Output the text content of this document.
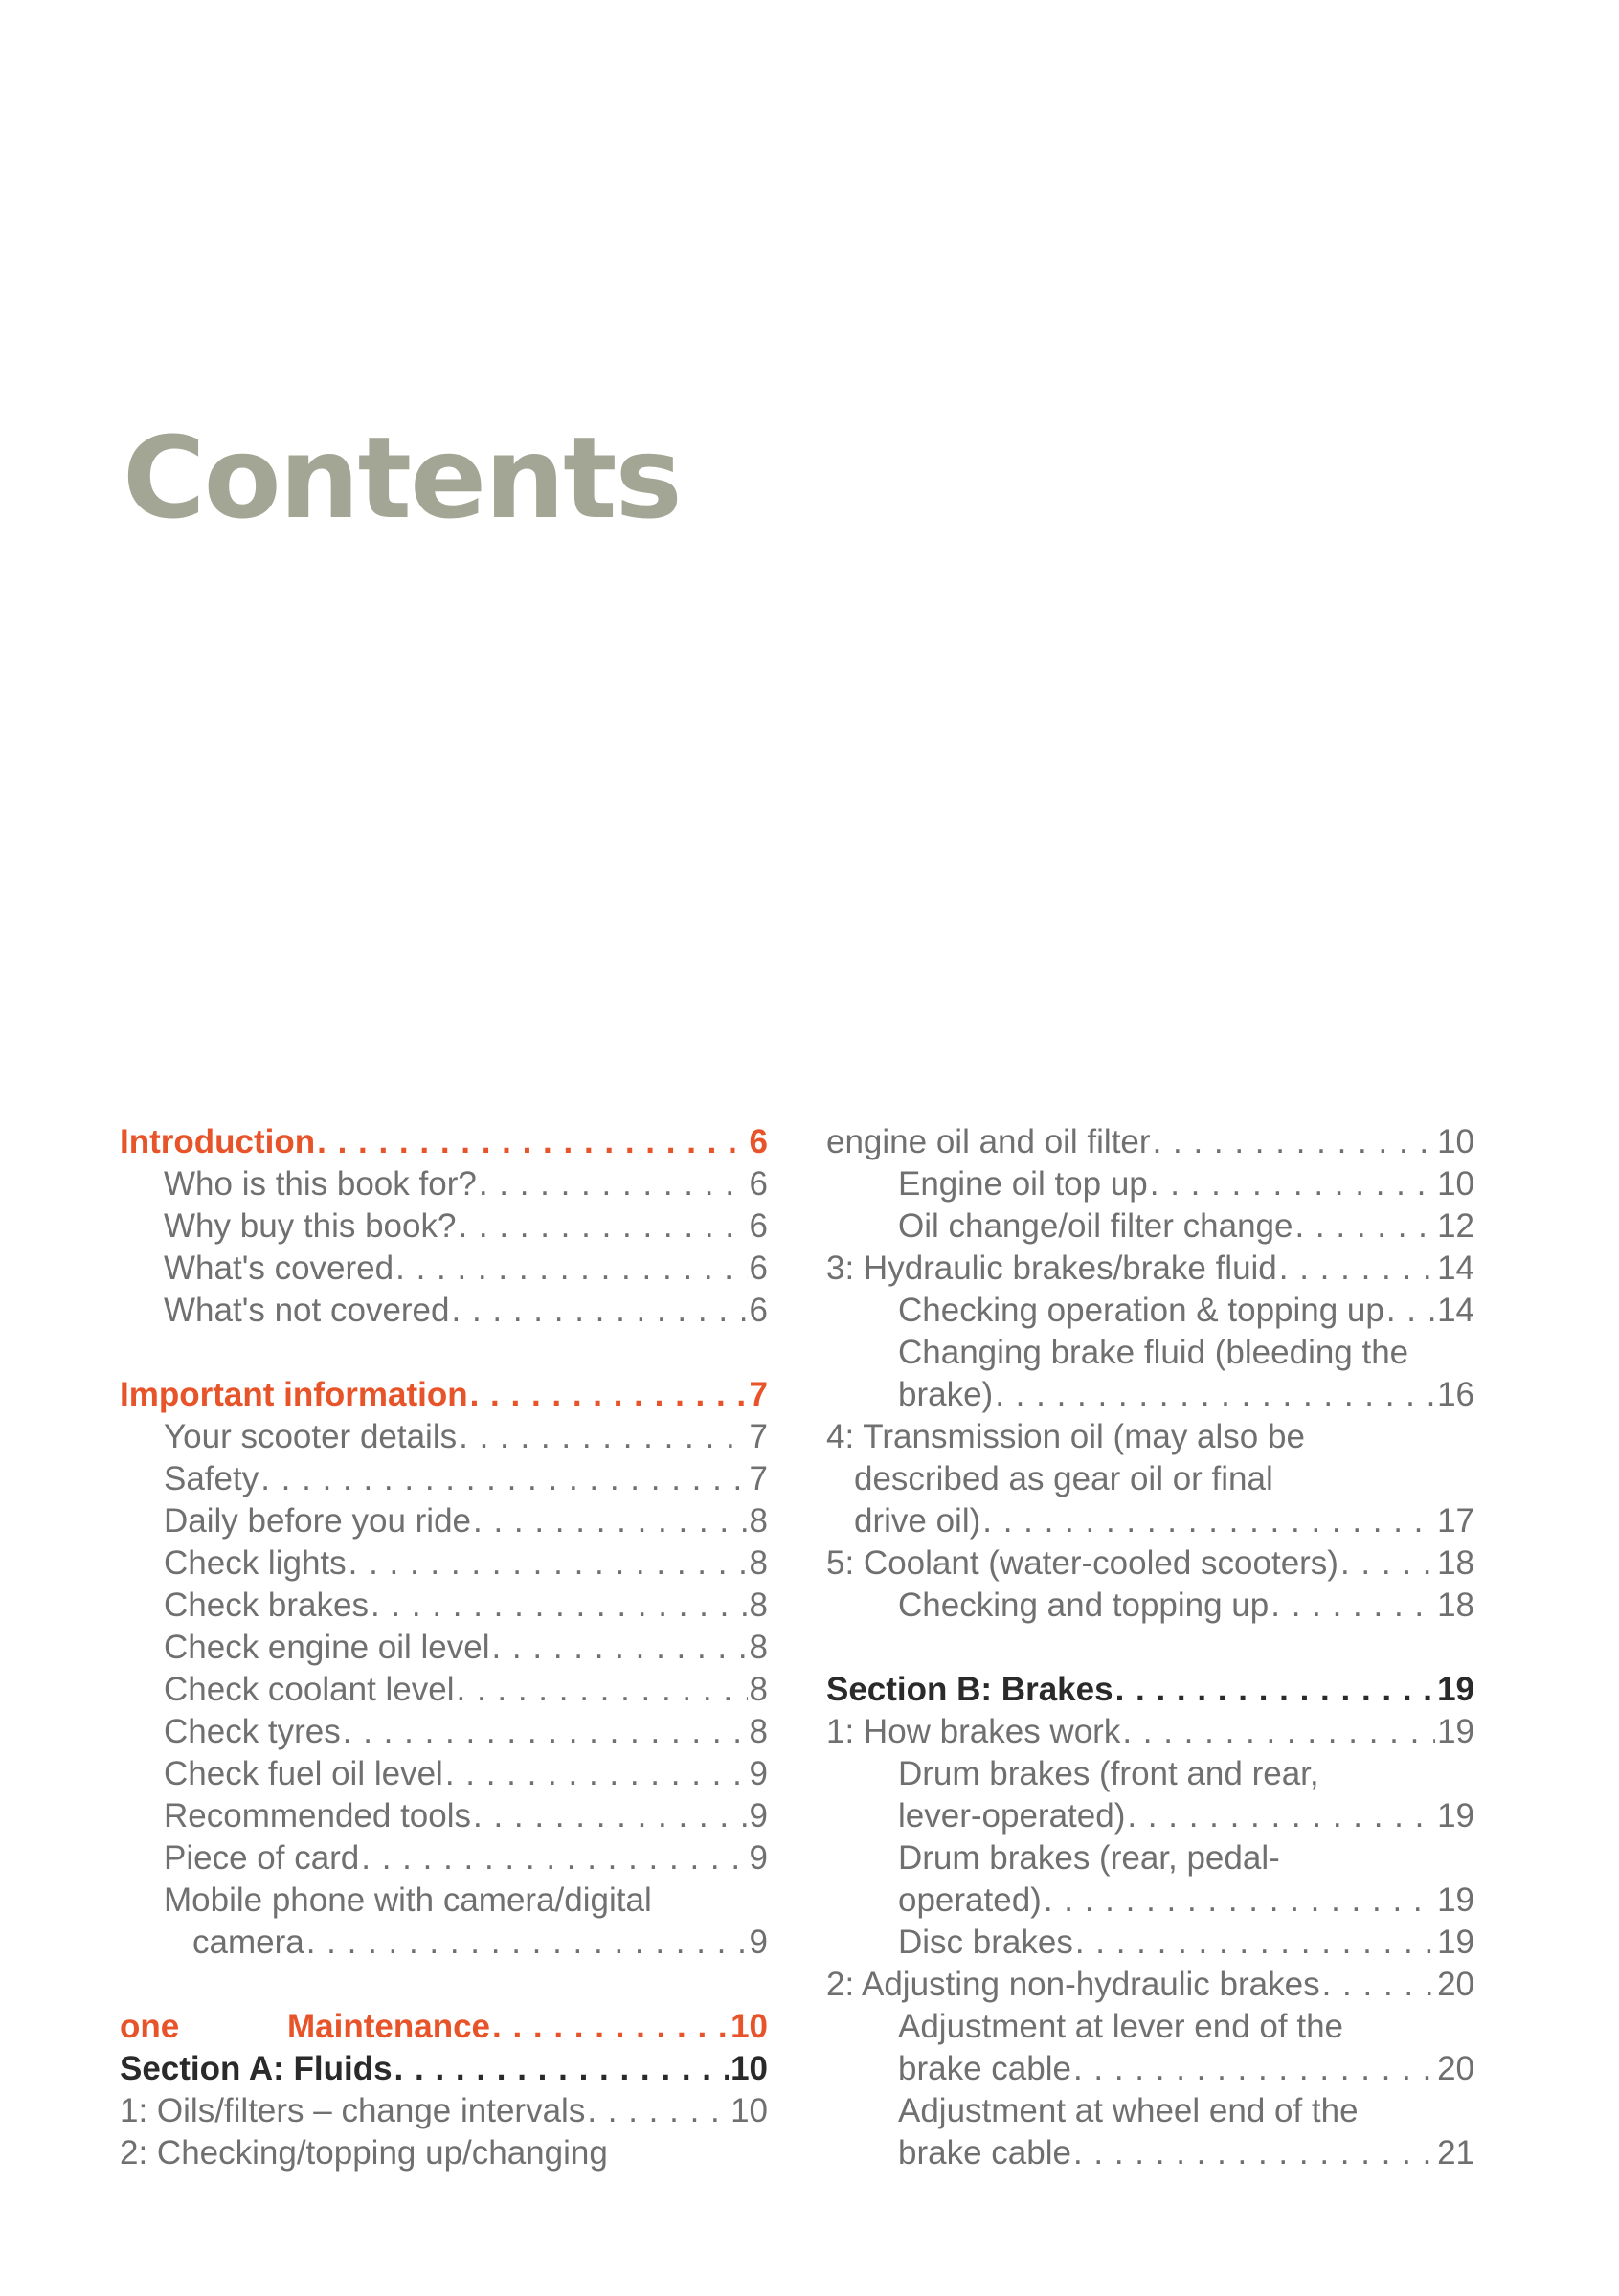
Contents
Introduction . . .	6
Who is this book for? . . .	6
Why buy this book? . . .	6
What's covered . . .	6
What's not covered . . .	6
Important information . . .	7
Your scooter details . . .	7
Safety . . .	7
Daily before you ride . . .	8
Check lights . . .	8
Check brakes . . .	8
Check engine oil level . . .	8
Check coolant level . . .	8
Check tyres . . .	8
Check fuel oil level . . .	9
Recommended tools . . .	9
Piece of card . . .	9
Mobile phone with camera/digital
camera . . .	9
one	Maintenance . . .	10
Section A: Fluids . . .	10
1: Oils/filters – change intervals . . .	10
2: Checking/topping up/changing
engine oil and oil filter . . .	10
Engine oil top up . . .	10
Oil change/oil filter change . . .	12
3: Hydraulic brakes/brake fluid . . .	14
Checking operation & topping up . . . 14
Changing brake fluid (bleeding the
brake) . . .	16
4: Transmission oil (may also be
described as gear oil or final
drive oil) . . .	17
5: Coolant (water-cooled scooters) . . .	18
Checking and topping up . . .	18
Section B: Brakes . . .	19
1: How brakes work . . .	19
Drum brakes (front and rear,
lever-operated) . . .	19
Drum brakes (rear, pedal-
operated) . . .	19
Disc brakes . . .	19
2: Adjusting non-hydraulic brakes . . .	20
Adjustment at lever end of the
brake cable . . .	20
Adjustment at wheel end of the
brake cable . . .	21
